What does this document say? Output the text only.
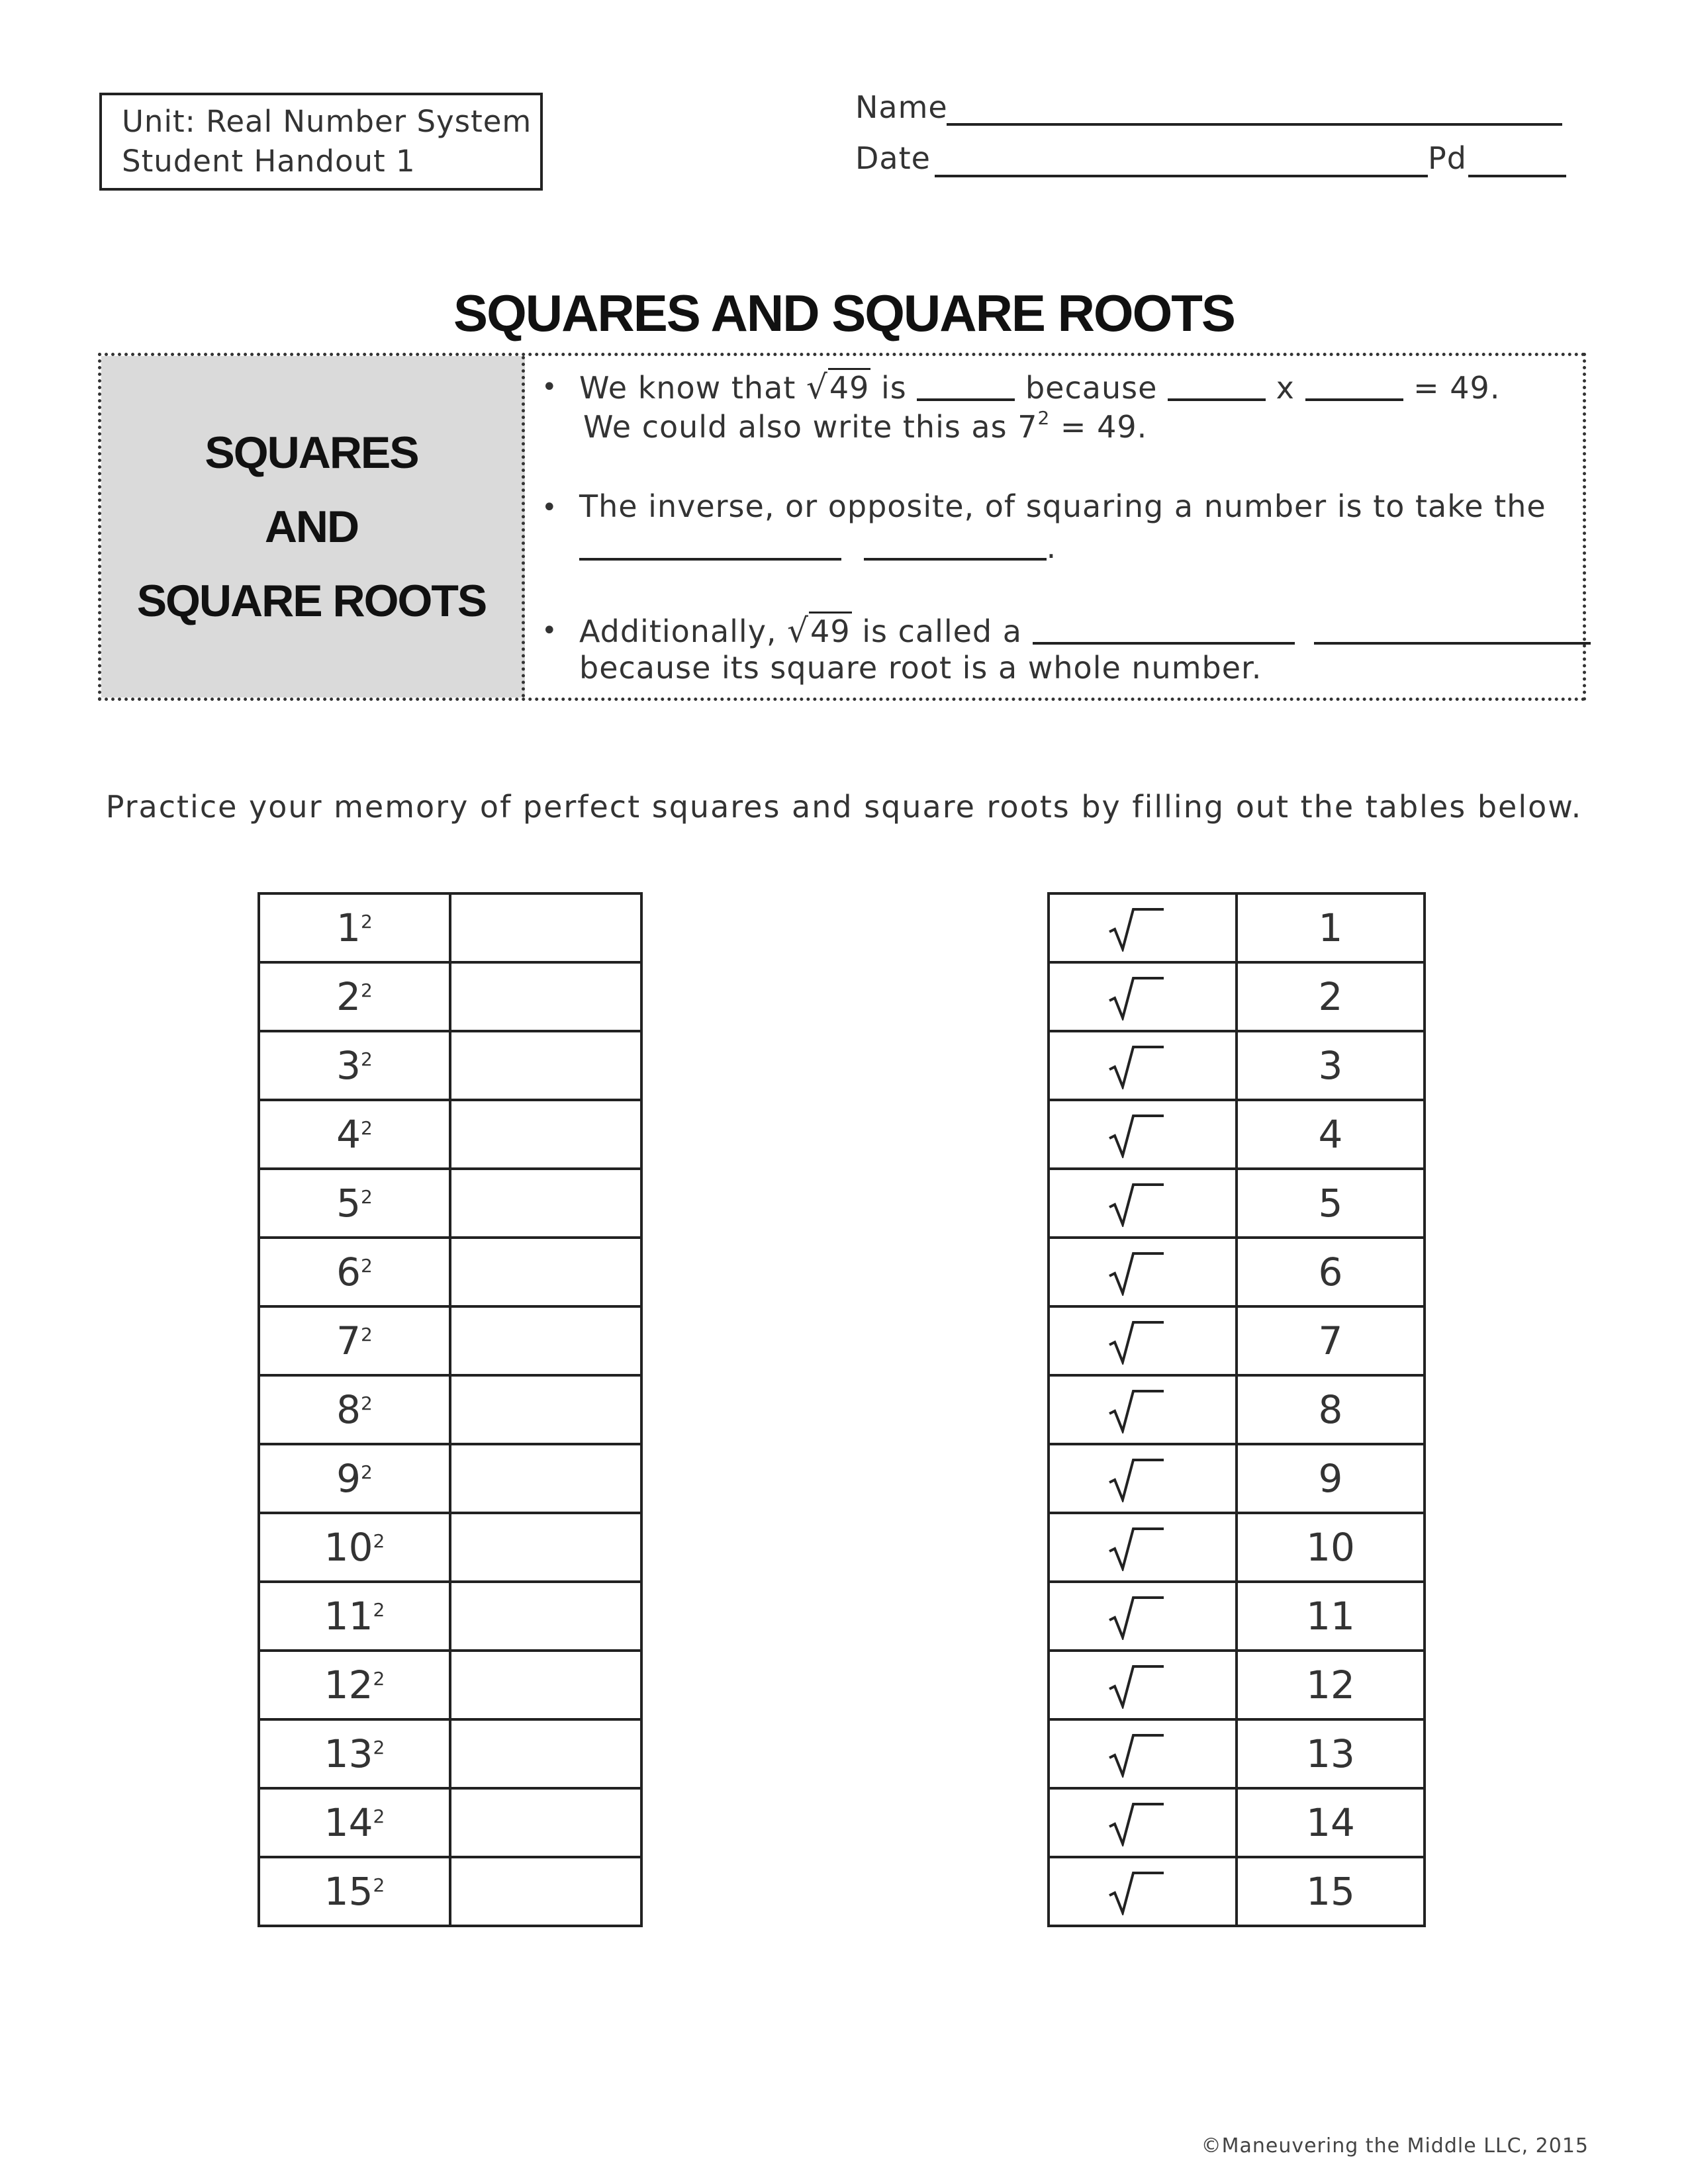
Unit: Real Number System
Student Handout 1
Name
Date	Pd
SQUARES AND SQUARE ROOTS
SQUARES
AND
SQUARE ROOTS
• We know that √49 is	because	x	= 49.
We could also write this as $7^2 = 49$.
• The inverse, or opposite, of squaring a number is to take the
.
• Additionally, √49 is called a
because its square root is a whole number.
Practice your memory of perfect squares and square roots by filling out the tables below.
$1^2$	
$2^2$	
$3^2$	
$4^2$	
$5^2$	
$6^2$	
$7^2$	
$8^2$	
$9^2$	
$10^2$	
$11^2$	
$12^2$	
$13^2$	
$14^2$	
$15^2$	
	1

	2

	3

	4

	5

	6

	7

	8

	9

	10

	11

	12

	13

	14

	15
©Maneuvering the Middle LLC, 2015
